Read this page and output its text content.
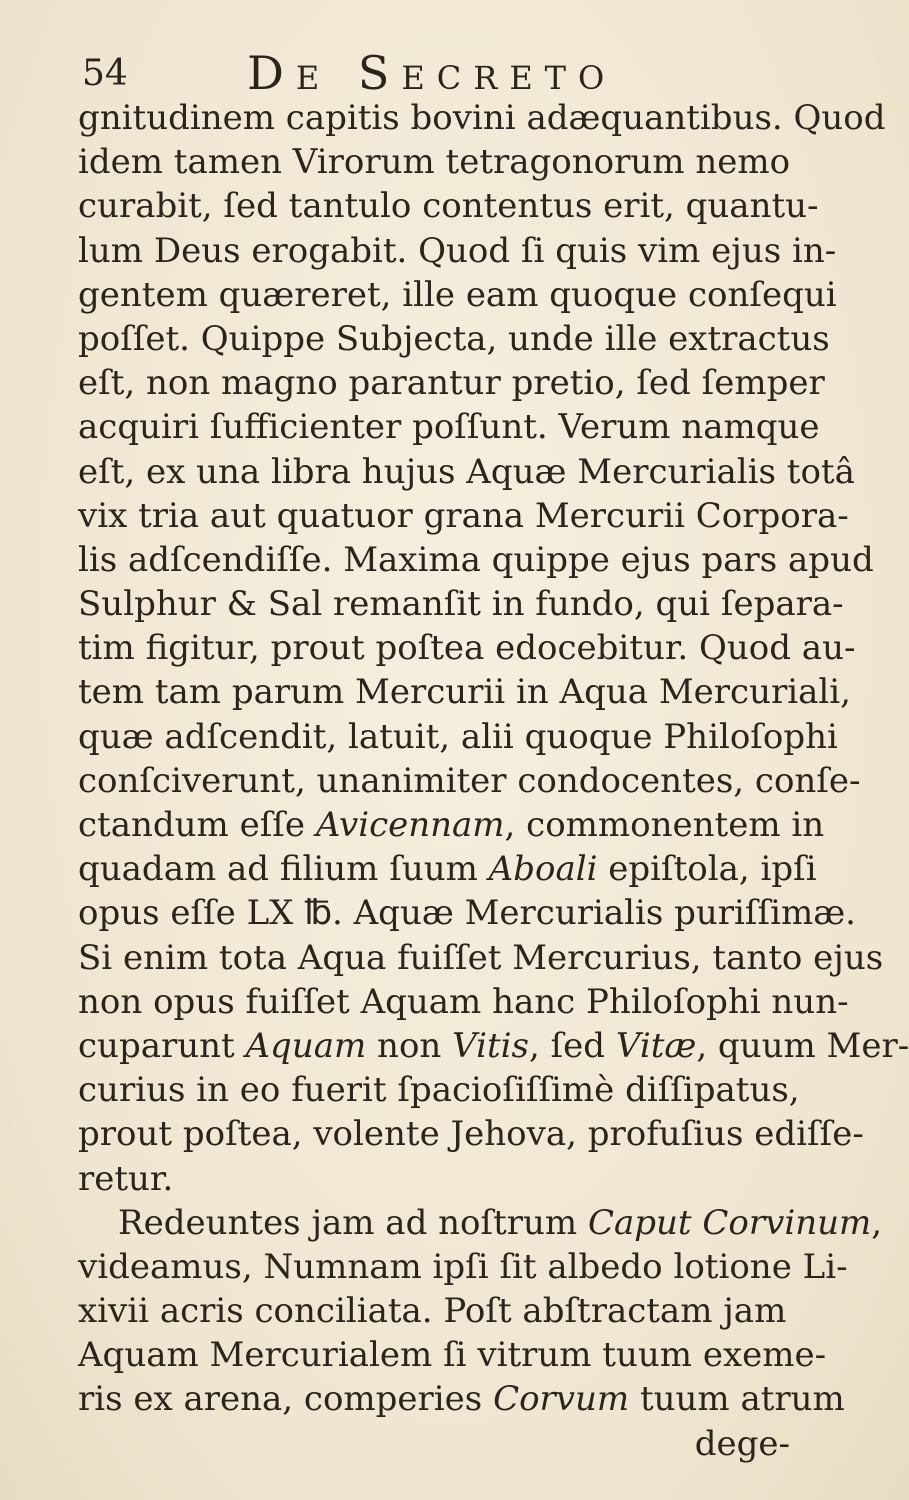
54	De Secreto
gnitudinem capitis bovini adæquantibus. Quod
idem tamen Virorum tetragonorum nemo
curabit, ſed tantulo contentus erit, quantu-
lum Deus erogabit. Quod ſi quis vim ejus in-
gentem quæreret, ille eam quoque conſequi
poſſet. Quippe Subjecta, unde ille extractus
eſt, non magno parantur pretio, ſed ſemper
acquiri ſufficienter poſſunt. Verum namque
eſt, ex una libra hujus Aquæ Mercurialis totâ
vix tria aut quatuor grana Mercurii Corpora-
lis adſcendiſſe. Maxima quippe ejus pars apud
Sulphur & Sal remanſit in fundo, qui ſepara-
tim figitur, prout poſtea edocebitur. Quod au-
tem tam parum Mercurii in Aqua Mercuriali,
quæ adſcendit, latuit, alii quoque Philoſophi
conſciverunt, unanimiter condocentes, conſe-
ctandum eſſe Avicennam, commonentem in
quadam ad filium ſuum Aboali epiſtola, ipſi
opus eſſe LX ℔. Aquæ Mercurialis puriſſimæ.
Si enim tota Aqua fuiſſet Mercurius, tanto ejus
non opus fuiſſet Aquam hanc Philoſophi nun-
cuparunt Aquam non Vitis, ſed Vitæ, quum Mer-
curius in eo fuerit ſpacioſiſſimè diſſipatus,
prout poſtea, volente Jehova, profuſius ediſſe-
retur.
Redeuntes jam ad noſtrum Caput Corvinum,
videamus, Numnam ipſi ſit albedo lotione Li-
xivii acris conciliata. Poſt abſtractam jam
Aquam Mercurialem ſi vitrum tuum exeme-
ris ex arena, comperies Corvum tuum atrum
dege-
